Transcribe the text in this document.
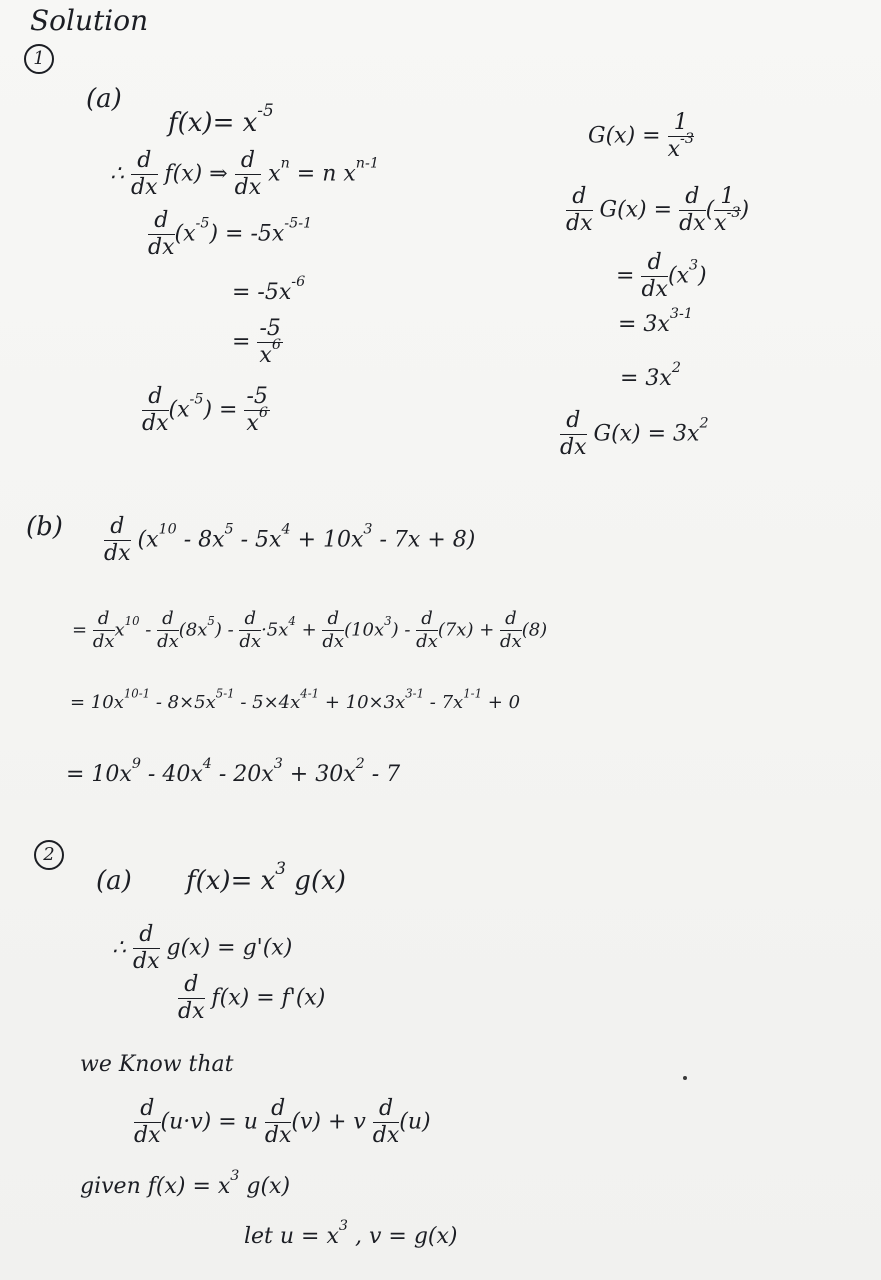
Solution
1
(a)
$f(x)= x^{-5}$
∴ $\frac{d}{dx} f(x)$ ⇒ $\frac{d}{dx} x^n = n$ $x^{n-1}$
$\frac{d}{dx} (x^{-5}) = -5x^{-5-1}$
= $-5x^{-6}$
= $\frac{-5}{x^6}$
$\frac{d}{dx} (x^{-5}) = \frac{-5}{x^6}$
$G(x) = \frac{1}{x^{-3}}$
$\frac{d}{dx} G(x) = \frac{d}{dx}$ ( $\frac{1}{x^{-3}}$ )
= $\frac{d}{dx} (x^3)$
= $3x^{3-1}$
= $3x^2$
$\frac{d}{dx} G(x) = 3x^2$
$(b) \frac{d}{dx} (x^{10} - 8x^5 - 5x^4 + 10x^3 - 7x + 8)$
= $\frac{d}{dx} x^{10} - \frac{d}{dx} (8x^5) - \frac{d}{dx} \cdot 5x^4 + \frac{d}{dx} (10x^3) - \frac{d}{dx} (7x) + \frac{d}{dx} (8)$
= $10x^{10-1} - 8\times 5x^{5-1} - 5\times 4x^{4-1} + 10\times 3x^{3-1} - 7x^{1-1} + 0$
= $10x^9 - 40x^4 - 20x^3 + 30x^2 - 7$
2
(a) $f(x)= x^3$ g(x)
∴ $\frac{d}{dx} g(x) = g'(x)$
$\frac{d}{dx} f(x) = f'(x)$
we Know that
$\frac{d}{dx} (u\cdot v) = u \frac{d}{dx} (v) + v \frac{d}{dx} (u)$
given $f(x) = x^3$ g(x)
let $u = x^3$ , v = g(x)
